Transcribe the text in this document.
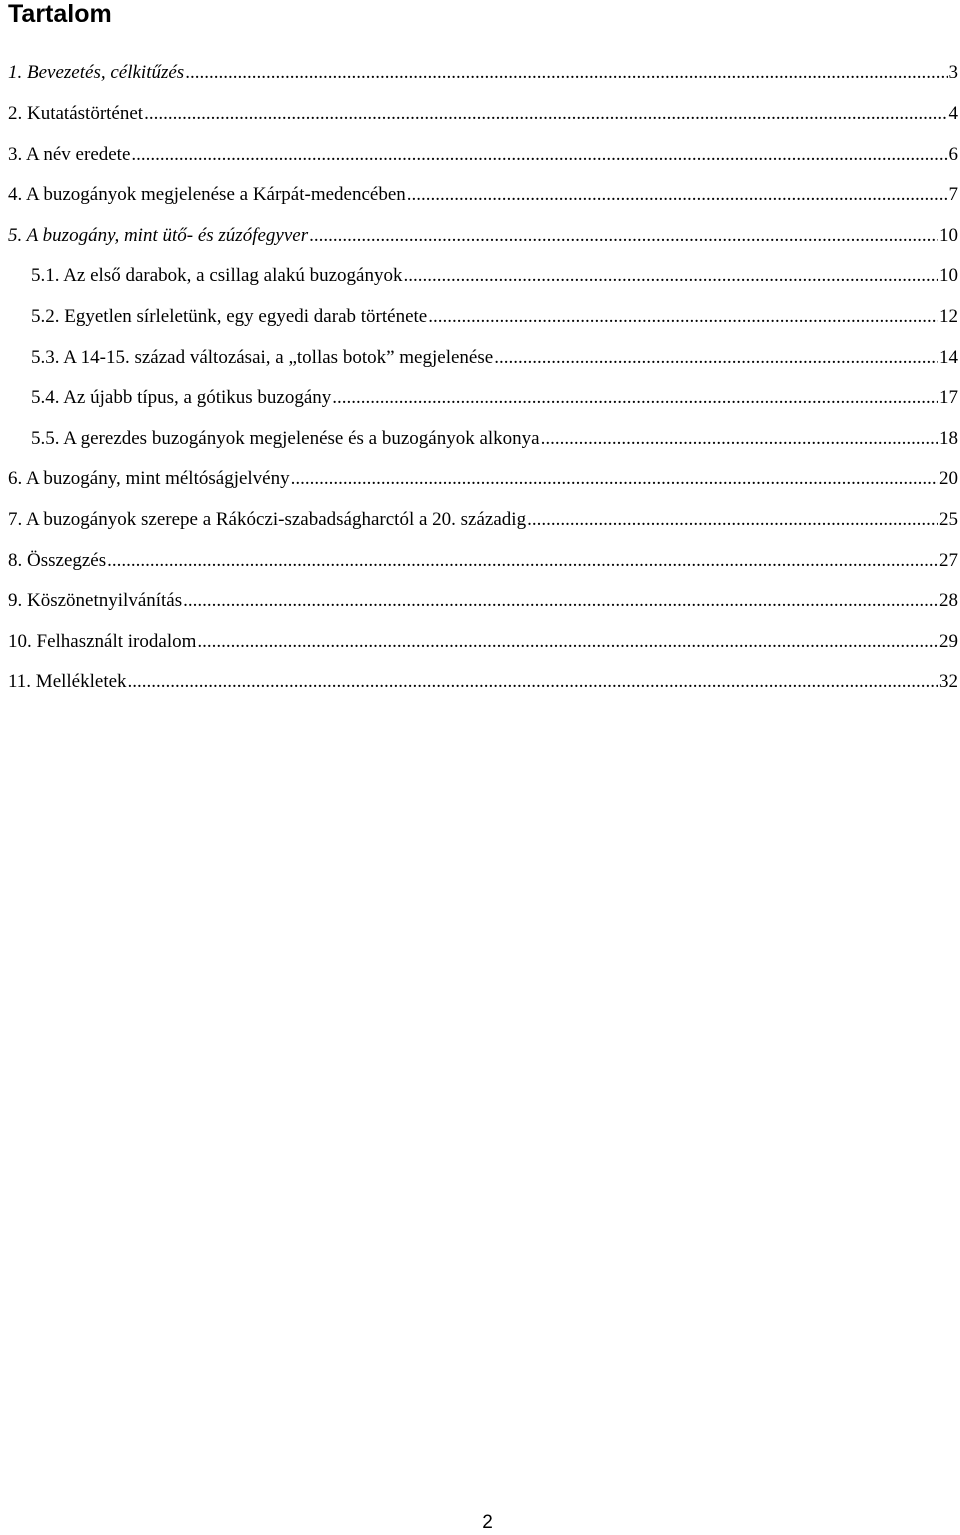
Tartalom
1. Bevezetés, célkitűzés .....	3
2. Kutatástörténet .....	4
3. A név eredete .....	6
4. A buzogányok megjelenése a Kárpát-medencében .....	7
5. A buzogány, mint ütő- és zúzófegyver .....	10
5.1. Az első darabok, a csillag alakú buzogányok .....	10
5.2. Egyetlen sírleletünk, egy egyedi darab története .....	12
5.3. A 14-15. század változásai, a „tollas botok” megjelenése .....	14
5.4. Az újabb típus, a gótikus buzogány .....	17
5.5. A gerezdes buzogányok megjelenése és a buzogányok alkonya .....	18
6. A buzogány, mint méltóságjelvény .....	20
7. A buzogányok szerepe a Rákóczi-szabadságharctól a 20. századig .....	25
8. Összegzés .....	27
9. Köszönetnyilvánítás .....	28
10. Felhasznált irodalom .....	29
11. Mellékletek .....	32
2
